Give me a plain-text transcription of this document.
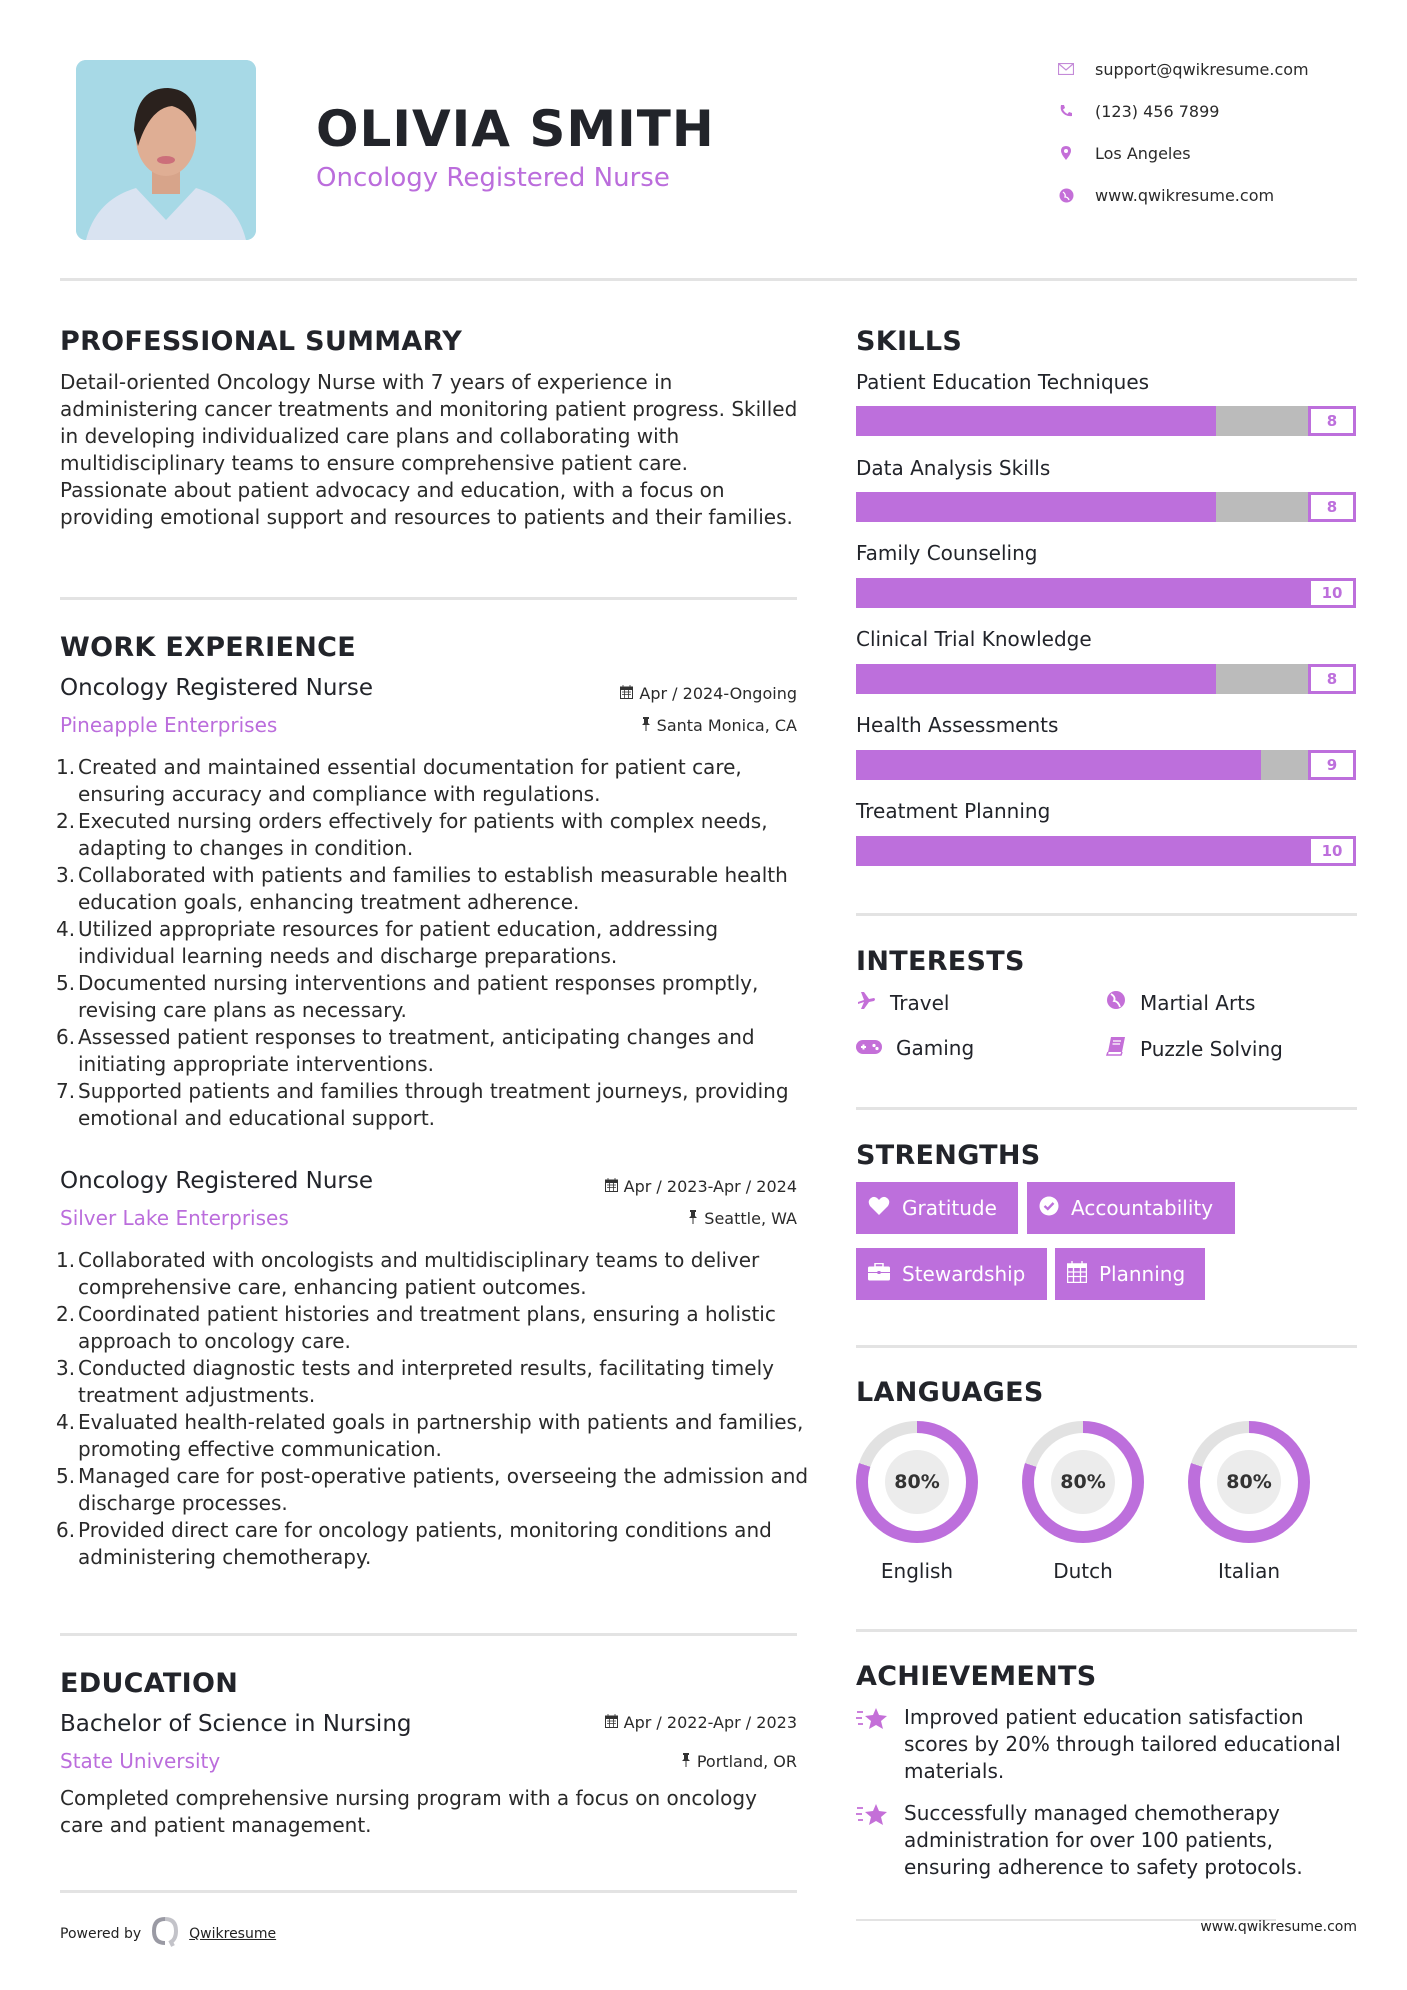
OLIVIA SMITH
Oncology Registered Nurse
support@qwikresume.com
(123) 456 7899
Los Angeles
www.qwikresume.com
PROFESSIONAL SUMMARY
Detail-oriented Oncology Nurse with 7 years of experience in administering cancer treatments and monitoring patient progress. Skilled in developing individualized care plans and collaborating with multidisciplinary teams to ensure comprehensive patient care. Passionate about patient advocacy and education, with a focus on providing emotional support and resources to patients and their families.
WORK EXPERIENCE
Oncology Registered Nurse	Apr / 2024-Ongoing
Pineapple Enterprises	Santa Monica, CA
1. Created and maintained essential documentation for patient care, ensuring accuracy and compliance with regulations.
2. Executed nursing orders effectively for patients with complex needs, adapting to changes in condition.
3. Collaborated with patients and families to establish measurable health education goals, enhancing treatment adherence.
4. Utilized appropriate resources for patient education, addressing individual learning needs and discharge preparations.
5. Documented nursing interventions and patient responses promptly, revising care plans as necessary.
6. Assessed patient responses to treatment, anticipating changes and initiating appropriate interventions.
7. Supported patients and families through treatment journeys, providing emotional and educational support.
Oncology Registered Nurse	Apr / 2023-Apr / 2024
Silver Lake Enterprises	Seattle, WA
1. Collaborated with oncologists and multidisciplinary teams to deliver comprehensive care, enhancing patient outcomes.
2. Coordinated patient histories and treatment plans, ensuring a holistic approach to oncology care.
3. Conducted diagnostic tests and interpreted results, facilitating timely treatment adjustments.
4. Evaluated health-related goals in partnership with patients and families, promoting effective communication.
5. Managed care for post-operative patients, overseeing the admission and discharge processes.
6. Provided direct care for oncology patients, monitoring conditions and administering chemotherapy.
EDUCATION
Bachelor of Science in Nursing	Apr / 2022-Apr / 2023
State University	Portland, OR
Completed comprehensive nursing program with a focus on oncology care and patient management.
SKILLS
Patient Education Techniques
8
Data Analysis Skills
8
Family Counseling
10
Clinical Trial Knowledge
8
Health Assessments
9
Treatment Planning
10
INTERESTS
Travel	Martial Arts
Gaming	Puzzle Solving
STRENGTHS
Gratitude	Accountability
Stewardship	Planning
LANGUAGES
80%
English
80%
Dutch
80%
Italian
ACHIEVEMENTS
Improved patient education satisfaction scores by 20% through tailored educational materials.
Successfully managed chemotherapy administration for over 100 patients, ensuring adherence to safety protocols.
Powered by	Qwikresume	www.qwikresume.com
